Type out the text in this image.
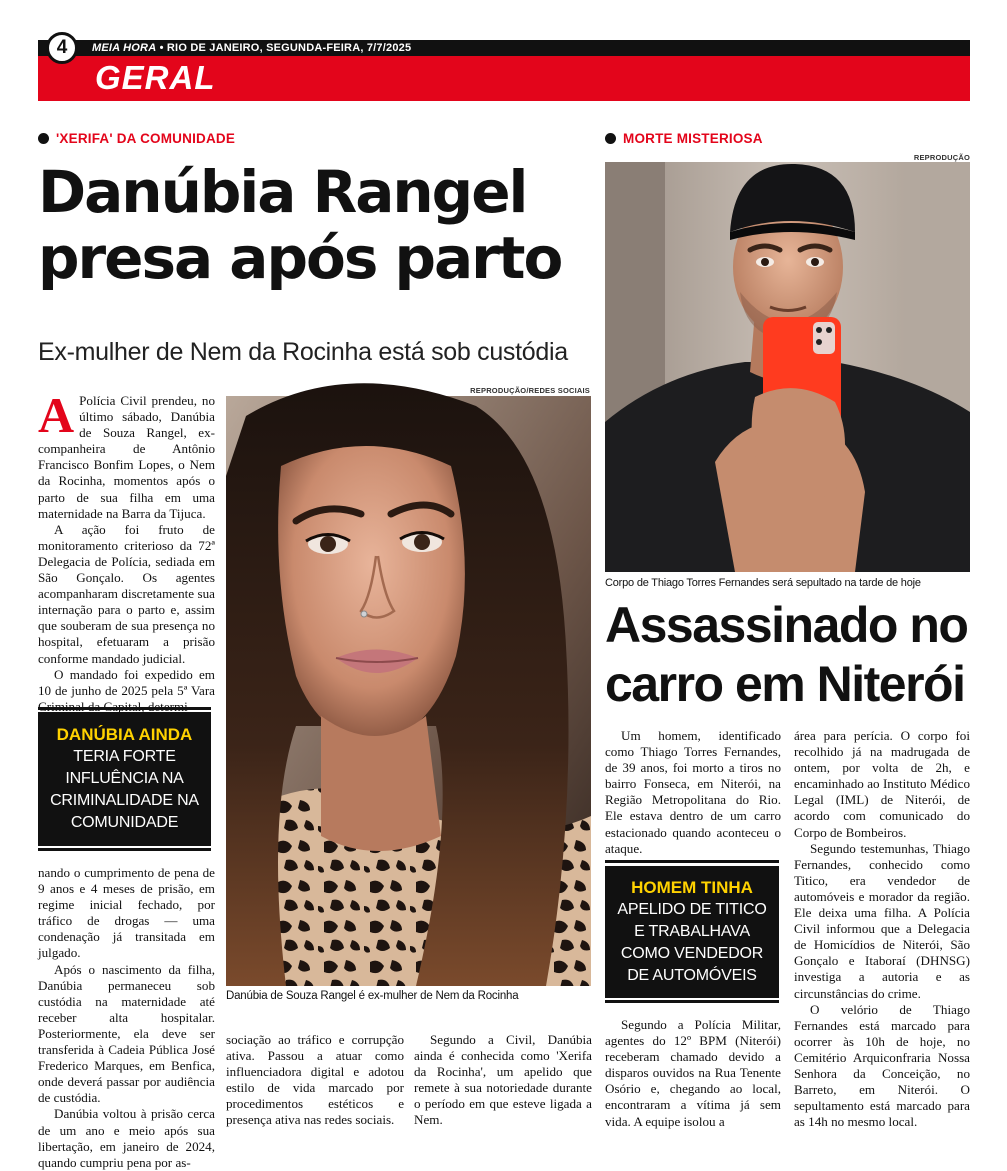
4	MEIA HORA • RIO DE JANEIRO, SEGUNDA-FEIRA, 7/7/2025
GERAL
'XERIFA' DA COMUNIDADE
Danúbia Rangel
presa após parto
Ex-mulher de Nem da Rocinha está sob custódia
REPRODUÇÃO/REDES SOCIAIS
Danúbia de Souza Rangel é ex-mulher de Nem da Rocinha

A Polícia Civil prendeu, no último sábado, Danúbia de Souza Rangel, ex-companheira de Antônio Francisco Bonfim Lopes, o Nem da Rocinha, momentos após o parto de sua filha em uma maternidade na Barra da Tijuca.

A ação foi fruto de monitoramento criterioso da 72ª Delegacia de Polícia, sediada em São Gonçalo. Os agentes acompanharam discretamente sua internação para o parto e, assim que souberam de sua presença no hospital, efetuaram a prisão conforme mandado judicial.

O mandado foi expedido em 10 de junho de 2025 pela 5ª Vara

DANÚBIA AINDA
TERIA FORTE INFLUÊNCIA NA CRIMINALIDADE NA COMUNIDADE

nando o cumprimento de pena de 9 anos e 4 meses de prisão, em regime inicial fechado, por tráfico de drogas — uma condenação já transitada em julgado.

Após o nascimento da filha, Danúbia permaneceu sob custódia na maternidade até receber alta hospitalar. Posteriormente, ela deve ser transferida à Cadeia Pública José Frederico Marques, em Benfica, onde deverá passar por audiência de custódia.

Danúbia voltou à prisão cerca de um ano e meio após sua libertação, em janeiro de 2024, quando cumpriu pena por as-

sociação ao tráfico e corrupção ativa. Passou a atuar como influenciadora digital e adotou estilo de vida marcado por procedimentos estéticos e presença ativa nas redes sociais.

Segundo a Civil, Danúbia ainda é conhecida como 'Xerifa da Rocinha', um apelido que remete à sua notoriedade durante o período em que esteve ligada a Nem.

MORTE MISTERIOSA
REPRODUÇÃO
Corpo de Thiago Torres Fernandes será sepultado na tarde de hoje
Assassinado no
carro em Niterói

Um homem, identificado como Thiago Torres Fernandes, de 39 anos, foi morto a tiros no bairro Fonseca, em Niterói, na Região Metropolitana do Rio. Ele estava dentro de um carro estacionado quando aconteceu o ataque.

HOMEM TINHA
APELIDO DE TITICO E TRABALHAVA COMO VENDEDOR DE AUTOMÓVEIS

Segundo a Polícia Militar, agentes do 12º BPM (Niterói) receberam chamado devido a disparos ouvidos na Rua Tenente Osório e, chegando ao local, encontraram a vítima já sem vida. A equipe isolou a

área para perícia. O corpo foi recolhido já na madrugada de ontem, por volta de 2h, e encaminhado ao Instituto Médico Legal (IML) de Niterói, de acordo com comunicado do Corpo de Bombeiros.

Segundo testemunhas, Thiago Fernandes, conhecido como Titico, era vendedor de automóveis e morador da região. Ele deixa uma filha. A Polícia Civil informou que a Delegacia de Homicídios de Niterói, São Gonçalo e Itaboraí (DHNSG) investiga a autoria e as circunstâncias do crime.

O velório de Thiago Fernandes está marcado para ocorrer às 10h de hoje, no Cemitério Arquiconfraria Nossa Senhora da Conceição, no Barreto, em Niterói. O sepultamento está marcado para as 14h no mesmo local.
